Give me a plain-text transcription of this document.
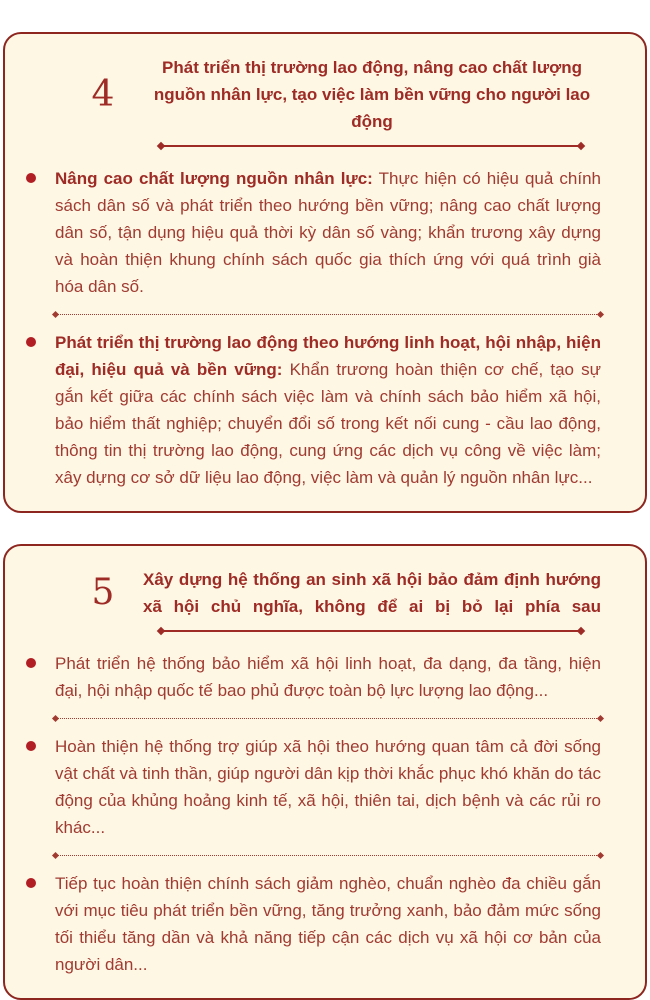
4
Phát triển thị trường lao động, nâng cao chất lượng nguồn nhân lực, tạo việc làm bền vững cho người lao động

Nâng cao chất lượng nguồn nhân lực: Thực hiện có hiệu quả chính sách dân số và phát triển theo hướng bền vững; nâng cao chất lượng dân số, tận dụng hiệu quả thời kỳ dân số vàng; khẩn trương xây dựng và hoàn thiện khung chính sách quốc gia thích ứng với quá trình già hóa dân số.

Phát triển thị trường lao động theo hướng linh hoạt, hội nhập, hiện đại, hiệu quả và bền vững: Khẩn trương hoàn thiện cơ chế, tạo sự gắn kết giữa các chính sách việc làm và chính sách bảo hiểm xã hội, bảo hiểm thất nghiệp; chuyển đổi số trong kết nối cung - cầu lao động, thông tin thị trường lao động, cung ứng các dịch vụ công về việc làm; xây dựng cơ sở dữ liệu lao động, việc làm và quản lý nguồn nhân lực...

5	Xây dựng hệ thống an sinh xã hội bảo đảm định hướng xã hội chủ nghĩa, không để ai bị bỏ lại phía sau

Phát triển hệ thống bảo hiểm xã hội linh hoạt, đa dạng, đa tầng, hiện đại, hội nhập quốc tế bao phủ được toàn bộ lực lượng lao động...

Hoàn thiện hệ thống trợ giúp xã hội theo hướng quan tâm cả đời sống vật chất và tinh thần, giúp người dân kịp thời khắc phục khó khăn do tác động của khủng hoảng kinh tế, xã hội, thiên tai, dịch bệnh và các rủi ro khác...

Tiếp tục hoàn thiện chính sách giảm nghèo, chuẩn nghèo đa chiều gắn với mục tiêu phát triển bền vững, tăng trưởng xanh, bảo đảm mức sống tối thiểu tăng dần và khả năng tiếp cận các dịch vụ xã hội cơ bản của người dân...
